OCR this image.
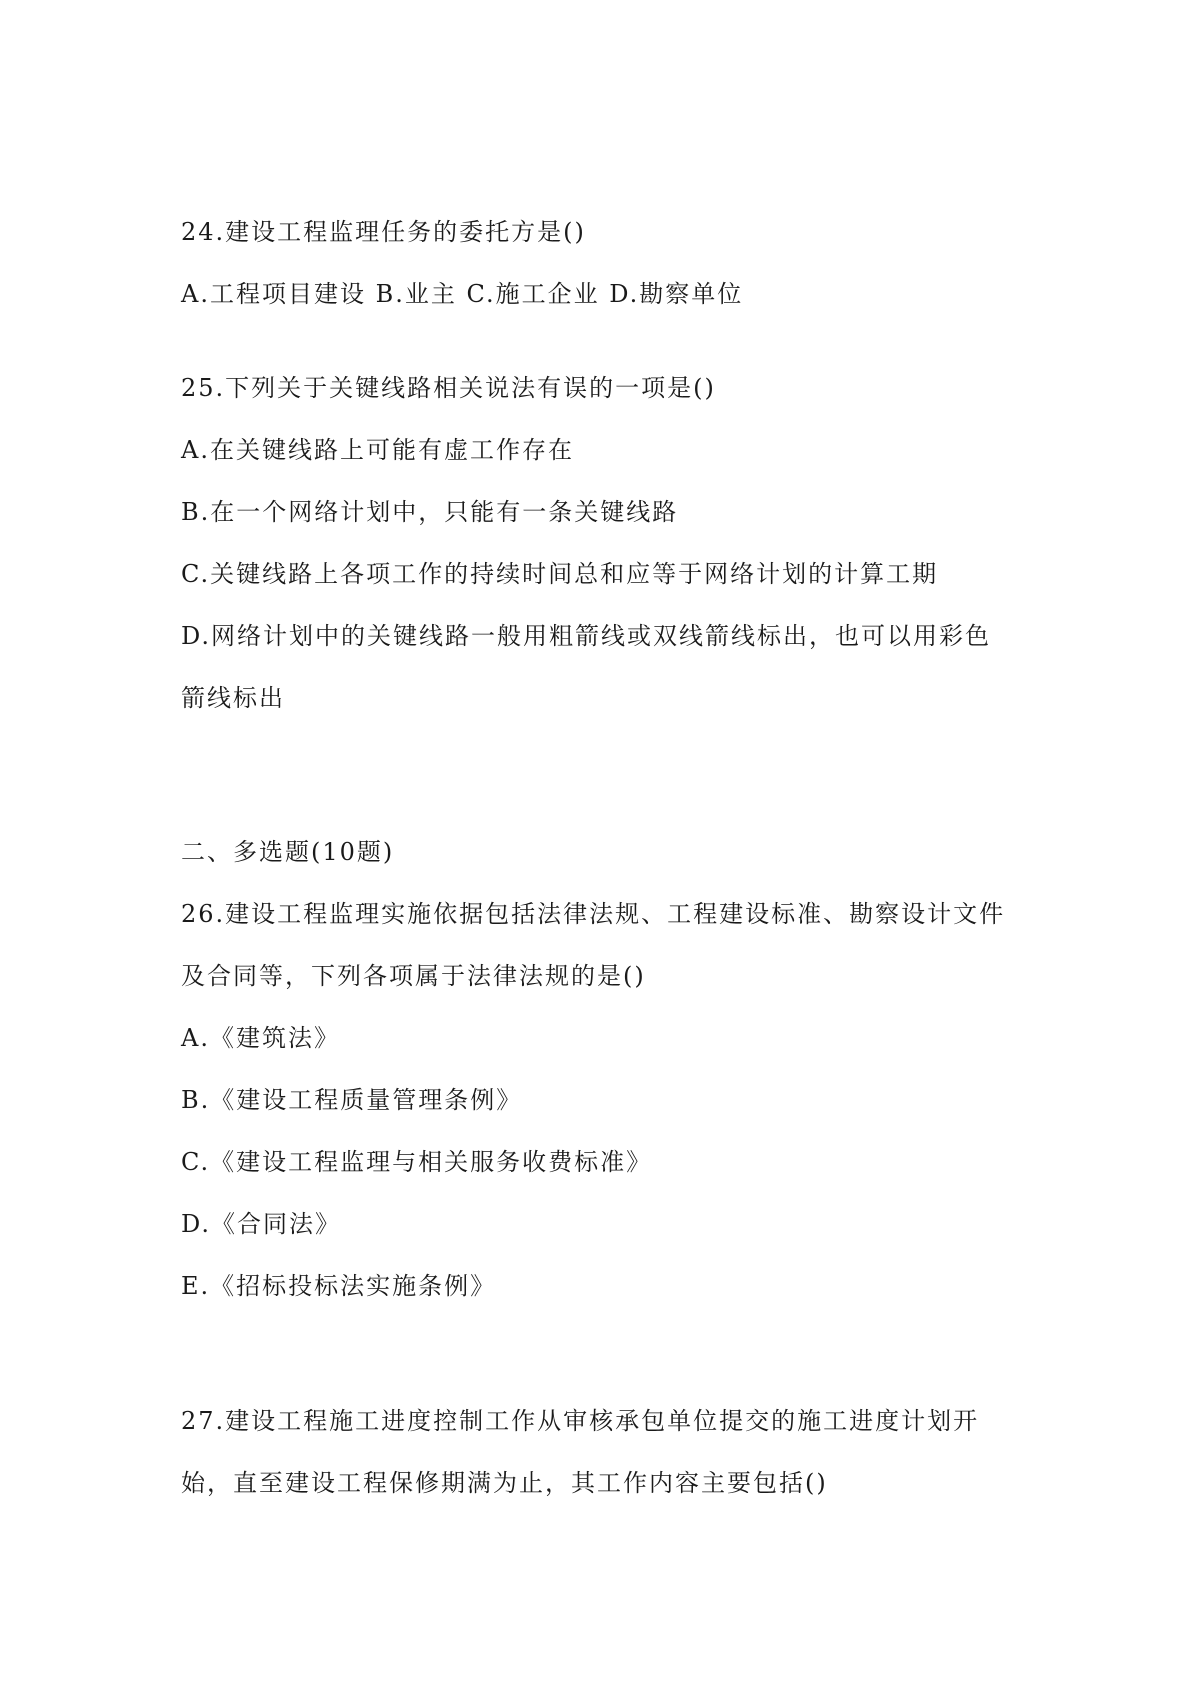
24.建设工程监理任务的委托方是()
A.工程项目建设 B.业主 C.施工企业 D.勘察单位
25.下列关于关键线路相关说法有误的一项是()
A.在关键线路上可能有虚工作存在
B.在一个网络计划中，只能有一条关键线路
C.关键线路上各项工作的持续时间总和应等于网络计划的计算工期
D.网络计划中的关键线路一般用粗箭线或双线箭线标出，也可以用彩色
箭线标出
二、多选题(10题)
26.建设工程监理实施依据包括法律法规、工程建设标准、勘察设计文件
及合同等，下列各项属于法律法规的是()
A.《建筑法》
B.《建设工程质量管理条例》
C.《建设工程监理与相关服务收费标准》
D.《合同法》
E.《招标投标法实施条例》
27.建设工程施工进度控制工作从审核承包单位提交的施工进度计划开
始，直至建设工程保修期满为止，其工作内容主要包括()
